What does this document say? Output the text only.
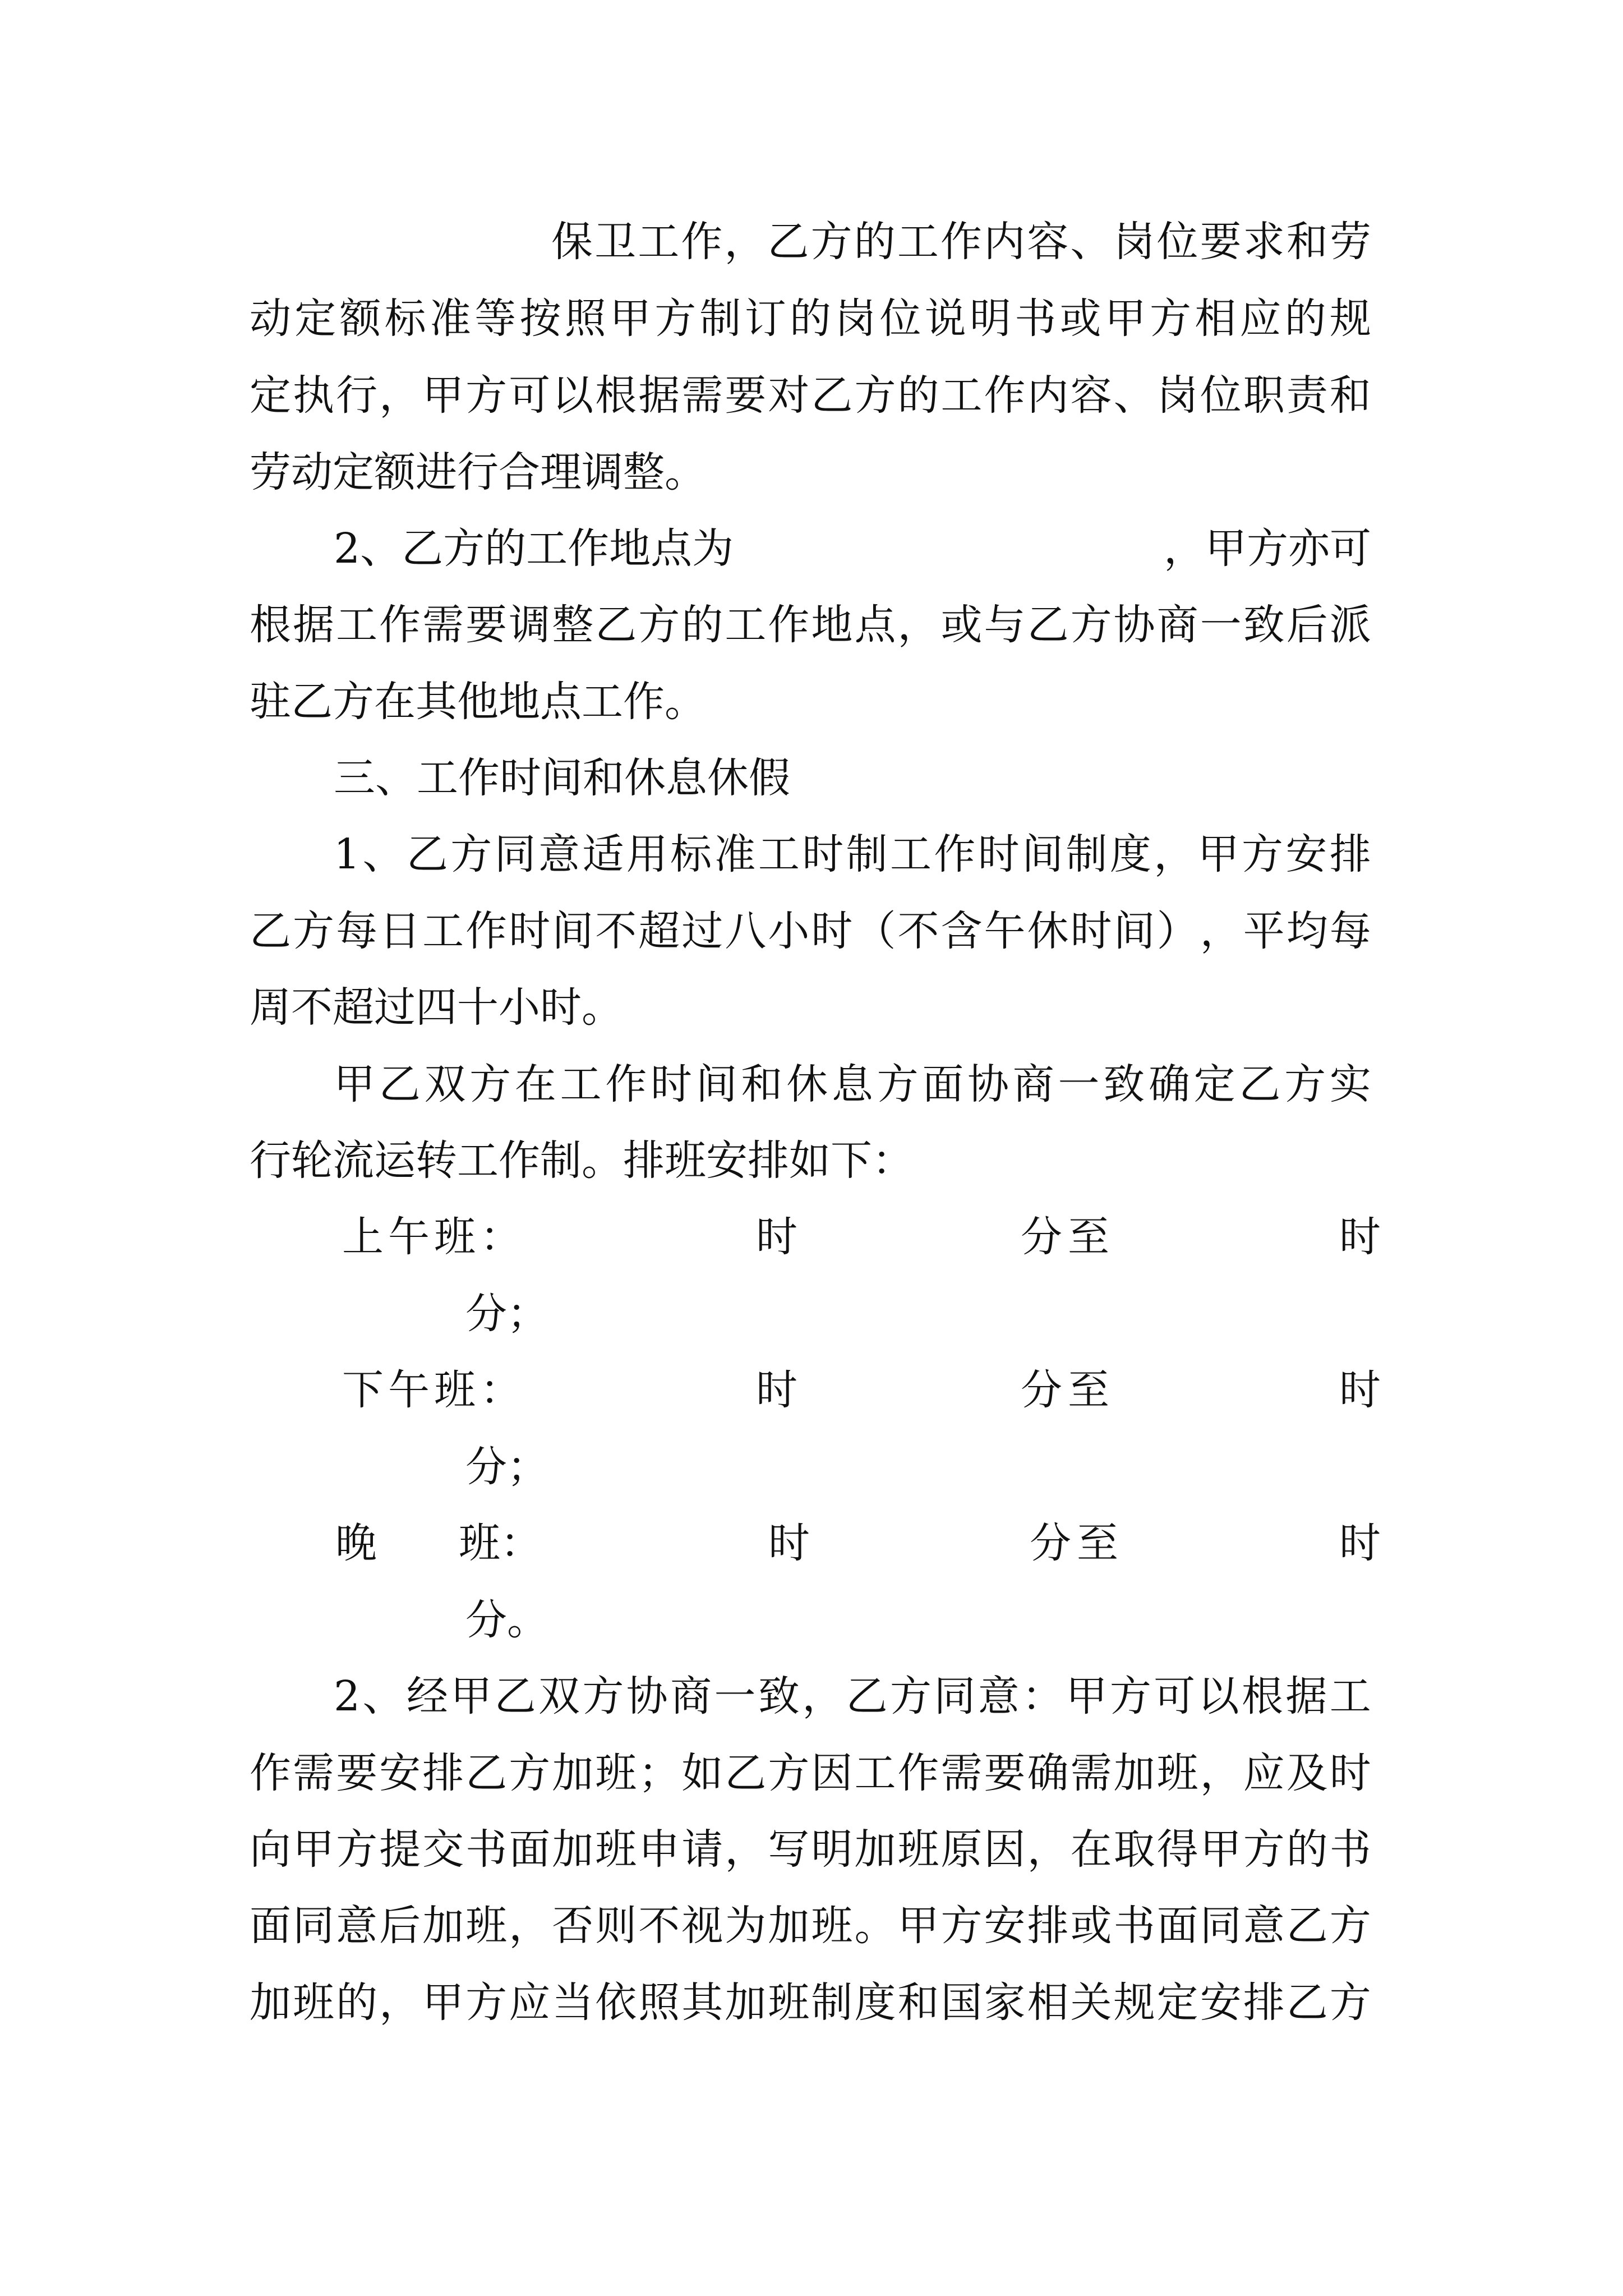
保 卫 工 作 ， 乙 方 的 工 作 内 容 、 岗 位 要 求 和 劳
动 定 额 标 准 等 按 照 甲 方 制 订 的 岗 位 说 明 书 或 甲 方 相 应 的 规
定 执 行 ， 甲 方 可 以 根 据 需 要 对 乙 方 的 工 作 内 容 、 岗 位 职 责 和
劳动定额进行合理调整。
2、乙方的工作地点为	，甲方亦可
根 据 工 作 需 要 调 整 乙 方 的 工 作 地 点 ， 或 与 乙 方 协 商 一 致 后 派
驻乙方在其他地点工作。
三、工作时间和休息休假
1 、 乙 方 同 意 适 用 标 准 工 时 制 工 作 时 间 制 度 ， 甲 方 安 排
乙 方 每 日 工 作 时 间 不 超 过 八 小 时 （ 不 含 午 休 时 间 ） ， 平 均 每
周不超过四十小时。
甲 乙 双 方 在 工 作 时 间 和 休 息 方 面 协 商 一 致 确 定 乙 方 实
行轮流运转工作制。排班安排如下：
上午班：	时	分至	时
分；
下午班：	时	分至	时
分；
晚 班：	时	分至	时
分。
2 、 经 甲 乙 双 方 协 商 一 致 ， 乙 方 同 意 ： 甲 方 可 以 根 据 工
作 需 要 安 排 乙 方 加 班 ； 如 乙 方 因 工 作 需 要 确 需 加 班 ， 应 及 时
向 甲 方 提 交 书 面 加 班 申 请 ， 写 明 加 班 原 因 ， 在 取 得 甲 方 的 书
面 同 意 后 加 班 ， 否 则 不 视 为 加 班 。 甲 方 安 排 或 书 面 同 意 乙 方
加 班 的 ， 甲 方 应 当 依 照 其 加 班 制 度 和 国 家 相 关 规 定 安 排 乙 方
